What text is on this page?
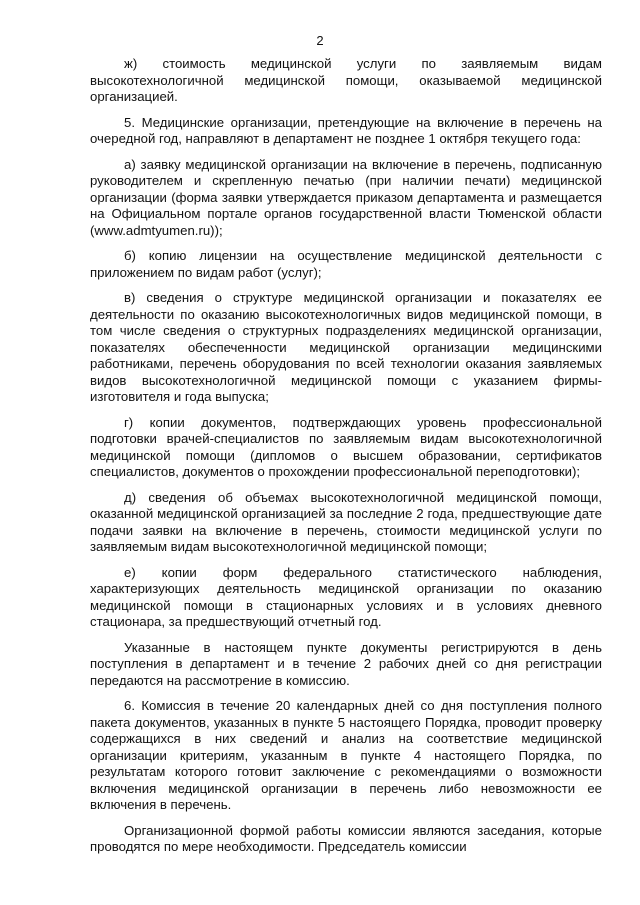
2

ж) стоимость медицинской услуги по заявляемым видам высокотехнологичной медицинской помощи, оказываемой медицинской организацией.

5. Медицинские организации, претендующие на включение в перечень на очередной год, направляют в департамент не позднее 1 октября текущего года:

а) заявку медицинской организации на включение в перечень, подписанную руководителем и скрепленную печатью (при наличии печати) медицинской организации (форма заявки утверждается приказом департамента и размещается на Официальном портале органов государственной власти Тюменской области (www.admtyumen.ru));

б) копию лицензии на осуществление медицинской деятельности с приложением по видам работ (услуг);

в) сведения о структуре медицинской организации и показателях ее деятельности по оказанию высокотехнологичных видов медицинской помощи, в том числе сведения о структурных подразделениях медицинской организации, показателях обеспеченности медицинской организации медицинскими работниками, перечень оборудования по всей технологии оказания заявляемых видов высокотехнологичной медицинской помощи с указанием фирмы-изготовителя и года выпуска;

г) копии документов, подтверждающих уровень профессиональной подготовки врачей-специалистов по заявляемым видам высокотехнологичной медицинской помощи (дипломов о высшем образовании, сертификатов специалистов, документов о прохождении профессиональной переподготовки);

д) сведения об объемах высокотехнологичной медицинской помощи, оказанной медицинской организацией за последние 2 года, предшествующие дате подачи заявки на включение в перечень, стоимости медицинской услуги по заявляемым видам высокотехнологичной медицинской помощи;

е) копии форм федерального статистического наблюдения, характеризующих деятельность медицинской организации по оказанию медицинской помощи в стационарных условиях и в условиях дневного стационара, за предшествующий отчетный год.

Указанные в настоящем пункте документы регистрируются в день поступления в департамент и в течение 2 рабочих дней со дня регистрации передаются на рассмотрение в комиссию.

6. Комиссия в течение 20 календарных дней со дня поступления полного пакета документов, указанных в пункте 5 настоящего Порядка, проводит проверку содержащихся в них сведений и анализ на соответствие медицинской организации критериям, указанным в пункте 4 настоящего Порядка, по результатам которого готовит заключение с рекомендациями о возможности включения медицинской организации в перечень либо невозможности ее включения в перечень.

Организационной формой работы комиссии являются заседания, которые проводятся по мере необходимости. Председатель комиссии
